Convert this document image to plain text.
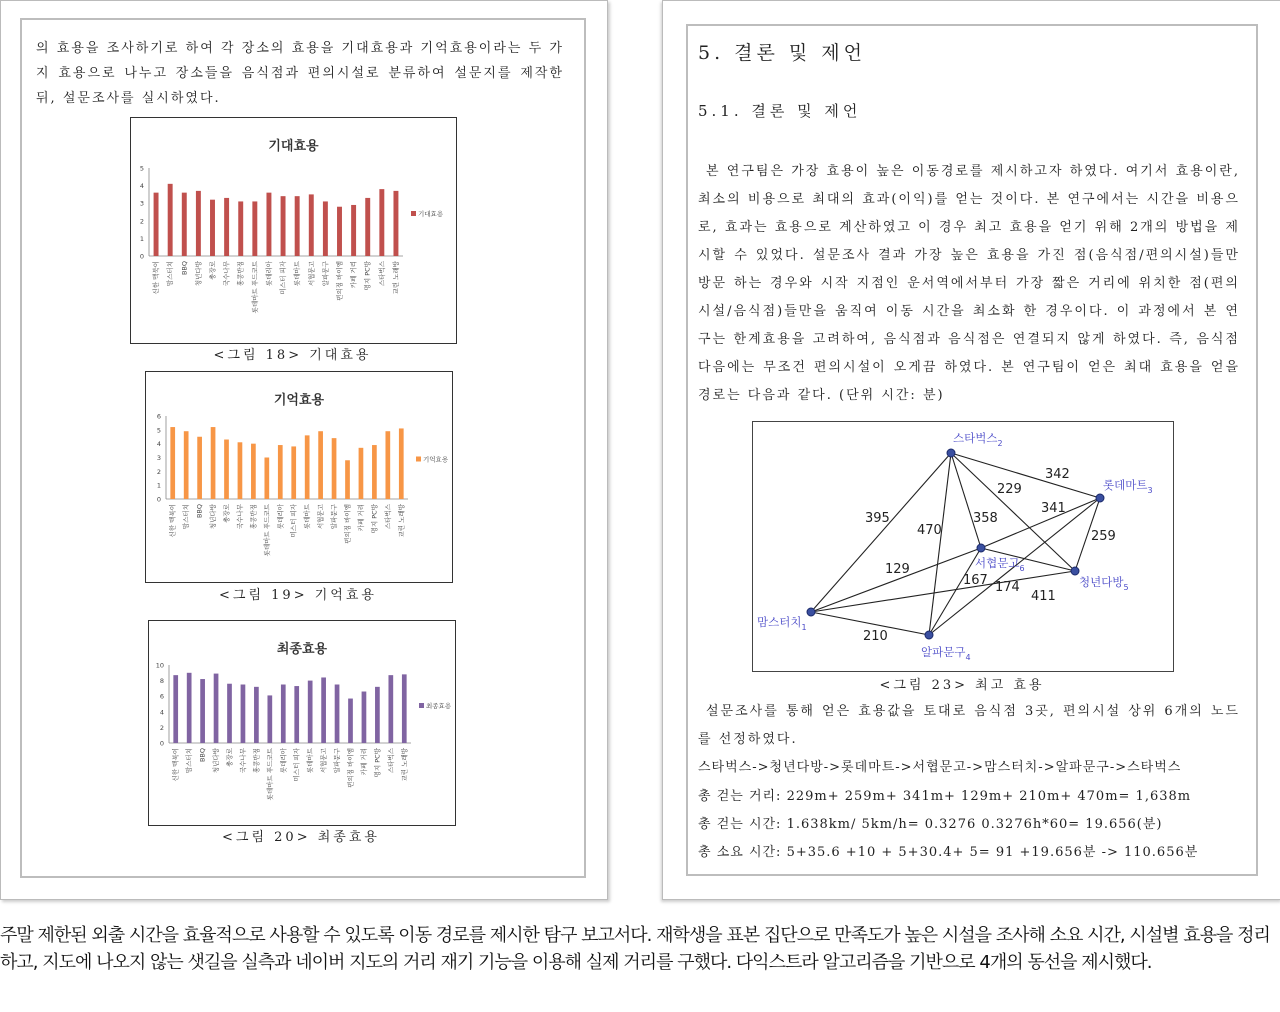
의 효용을 조사하기로 하여 각 장소의 효용을 기대효용과 기억효용이라는 두 가지 효용으로 나누고 장소들을 음식점과 편의시설로 분류하여 설문지를 제작한 뒤, 설문조사를 실시하였다.
기대효용
0
1
2
3
4
5
신한 맥북이 맘스터치 BBQ 청년다방 충장로 국수나무 홍콩반점 롯데마트 푸드코트 롯데리아 미스터 피자 롯데마트 서협문고 알파문구 편의점 바이엠 카페 거리 명지 PC방 스타벅스 교린 노래방
기대효용
<그림 18> 기대효용
기억효용
0
1
2
3
4
5
6
신한 맥북이 맘스터치 BBQ 청년다방 충장로 국수나무 홍콩반점 롯데마트 푸드코트 롯데리아 미스터 피자 롯데마트 서협문고 알파문구 편의점 바이엠 카페 거리 명지 PC방 스타벅스 교린 노래방
기억효용
<그림 19> 기억효용
최종효용
0
2
4
6
8
10
신한 맥북이 맘스터치 BBQ 청년다방 충장로 국수나무 홍콩반점 롯데마트 푸드코트 롯데리아 미스터 피자 롯데마트 서협문고 알파문구 편의점 바이엠 카페 거리 명지 PC방 스타벅스 교린 노래방
최종효용
<그림 20> 최종효용
5. 결론 및 제언
5.1. 결론 및 제언
본 연구팀은 가장 효용이 높은 이동경로를 제시하고자 하였다. 여기서 효용이란, 최소의 비용으로 최대의 효과(이익)를 얻는 것이다. 본 연구에서는 시간을 비용으로, 효과는 효용으로 계산하였고 이 경우 최고 효용을 얻기 위해 2개의 방법을 제시할 수 있었다. 설문조사 결과 가장 높은 효용을 가진 점(음식점/편의시설)들만 방문 하는 경우와 시작 지점인 운서역에서부터 가장 짧은 거리에 위치한 점(편의시설/음식점)들만을 움직여 이동 시간을 최소화 한 경우이다. 이 과정에서 본 연구는 한계효용을 고려하여, 음식점과 음식점은 연결되지 않게 하였다. 즉, 음식점 다음에는 무조건 편의시설이 오게끔 하였다. 본 연구팀이 얻은 최대 효용을 얻을 경로는 다음과 같다. (단위 시간: 분)
342
229
341
259
395
470
358
129
167 174
411
210
스타벅스$_2$
롯데마트$_3$
알파문구$_4$
청년다방$_5$
서협문고$_6$
맘스터치$_1$
<그림 23> 최고 효용
설문조사를 통해 얻은 효용값을 토대로 음식점 3곳, 편의시설 상위 6개의 노드를 선정하였다.
스타벅스->청년다방->롯데마트->서협문고->맘스터치->알파문구->스타벅스
총 걷는 거리: 229m+ 259m+ 341m+ 129m+ 210m+ 470m= 1,638m
총 걷는 시간: 1.638km/ 5km/h= 0.3276 0.3276h*60= 19.656(분)
총 소요 시간: 5+35.6 +10 + 5+30.4+ 5= 91 +19.656분 -> 110.656분
주말 제한된 외출 시간을 효율적으로 사용할 수 있도록 이동 경로를 제시한 탐구 보고서다. 재학생을 표본 집단으로 만족도가 높은 시설을 조사해 소요 시간, 시설별 효용을 정리하고, 지도에 나오지 않는 샛길을 실측과 네이버 지도의 거리 재기 기능을 이용해 실제 거리를 구했다. 다익스트라 알고리즘을 기반으로 4개의 동선을 제시했다.
